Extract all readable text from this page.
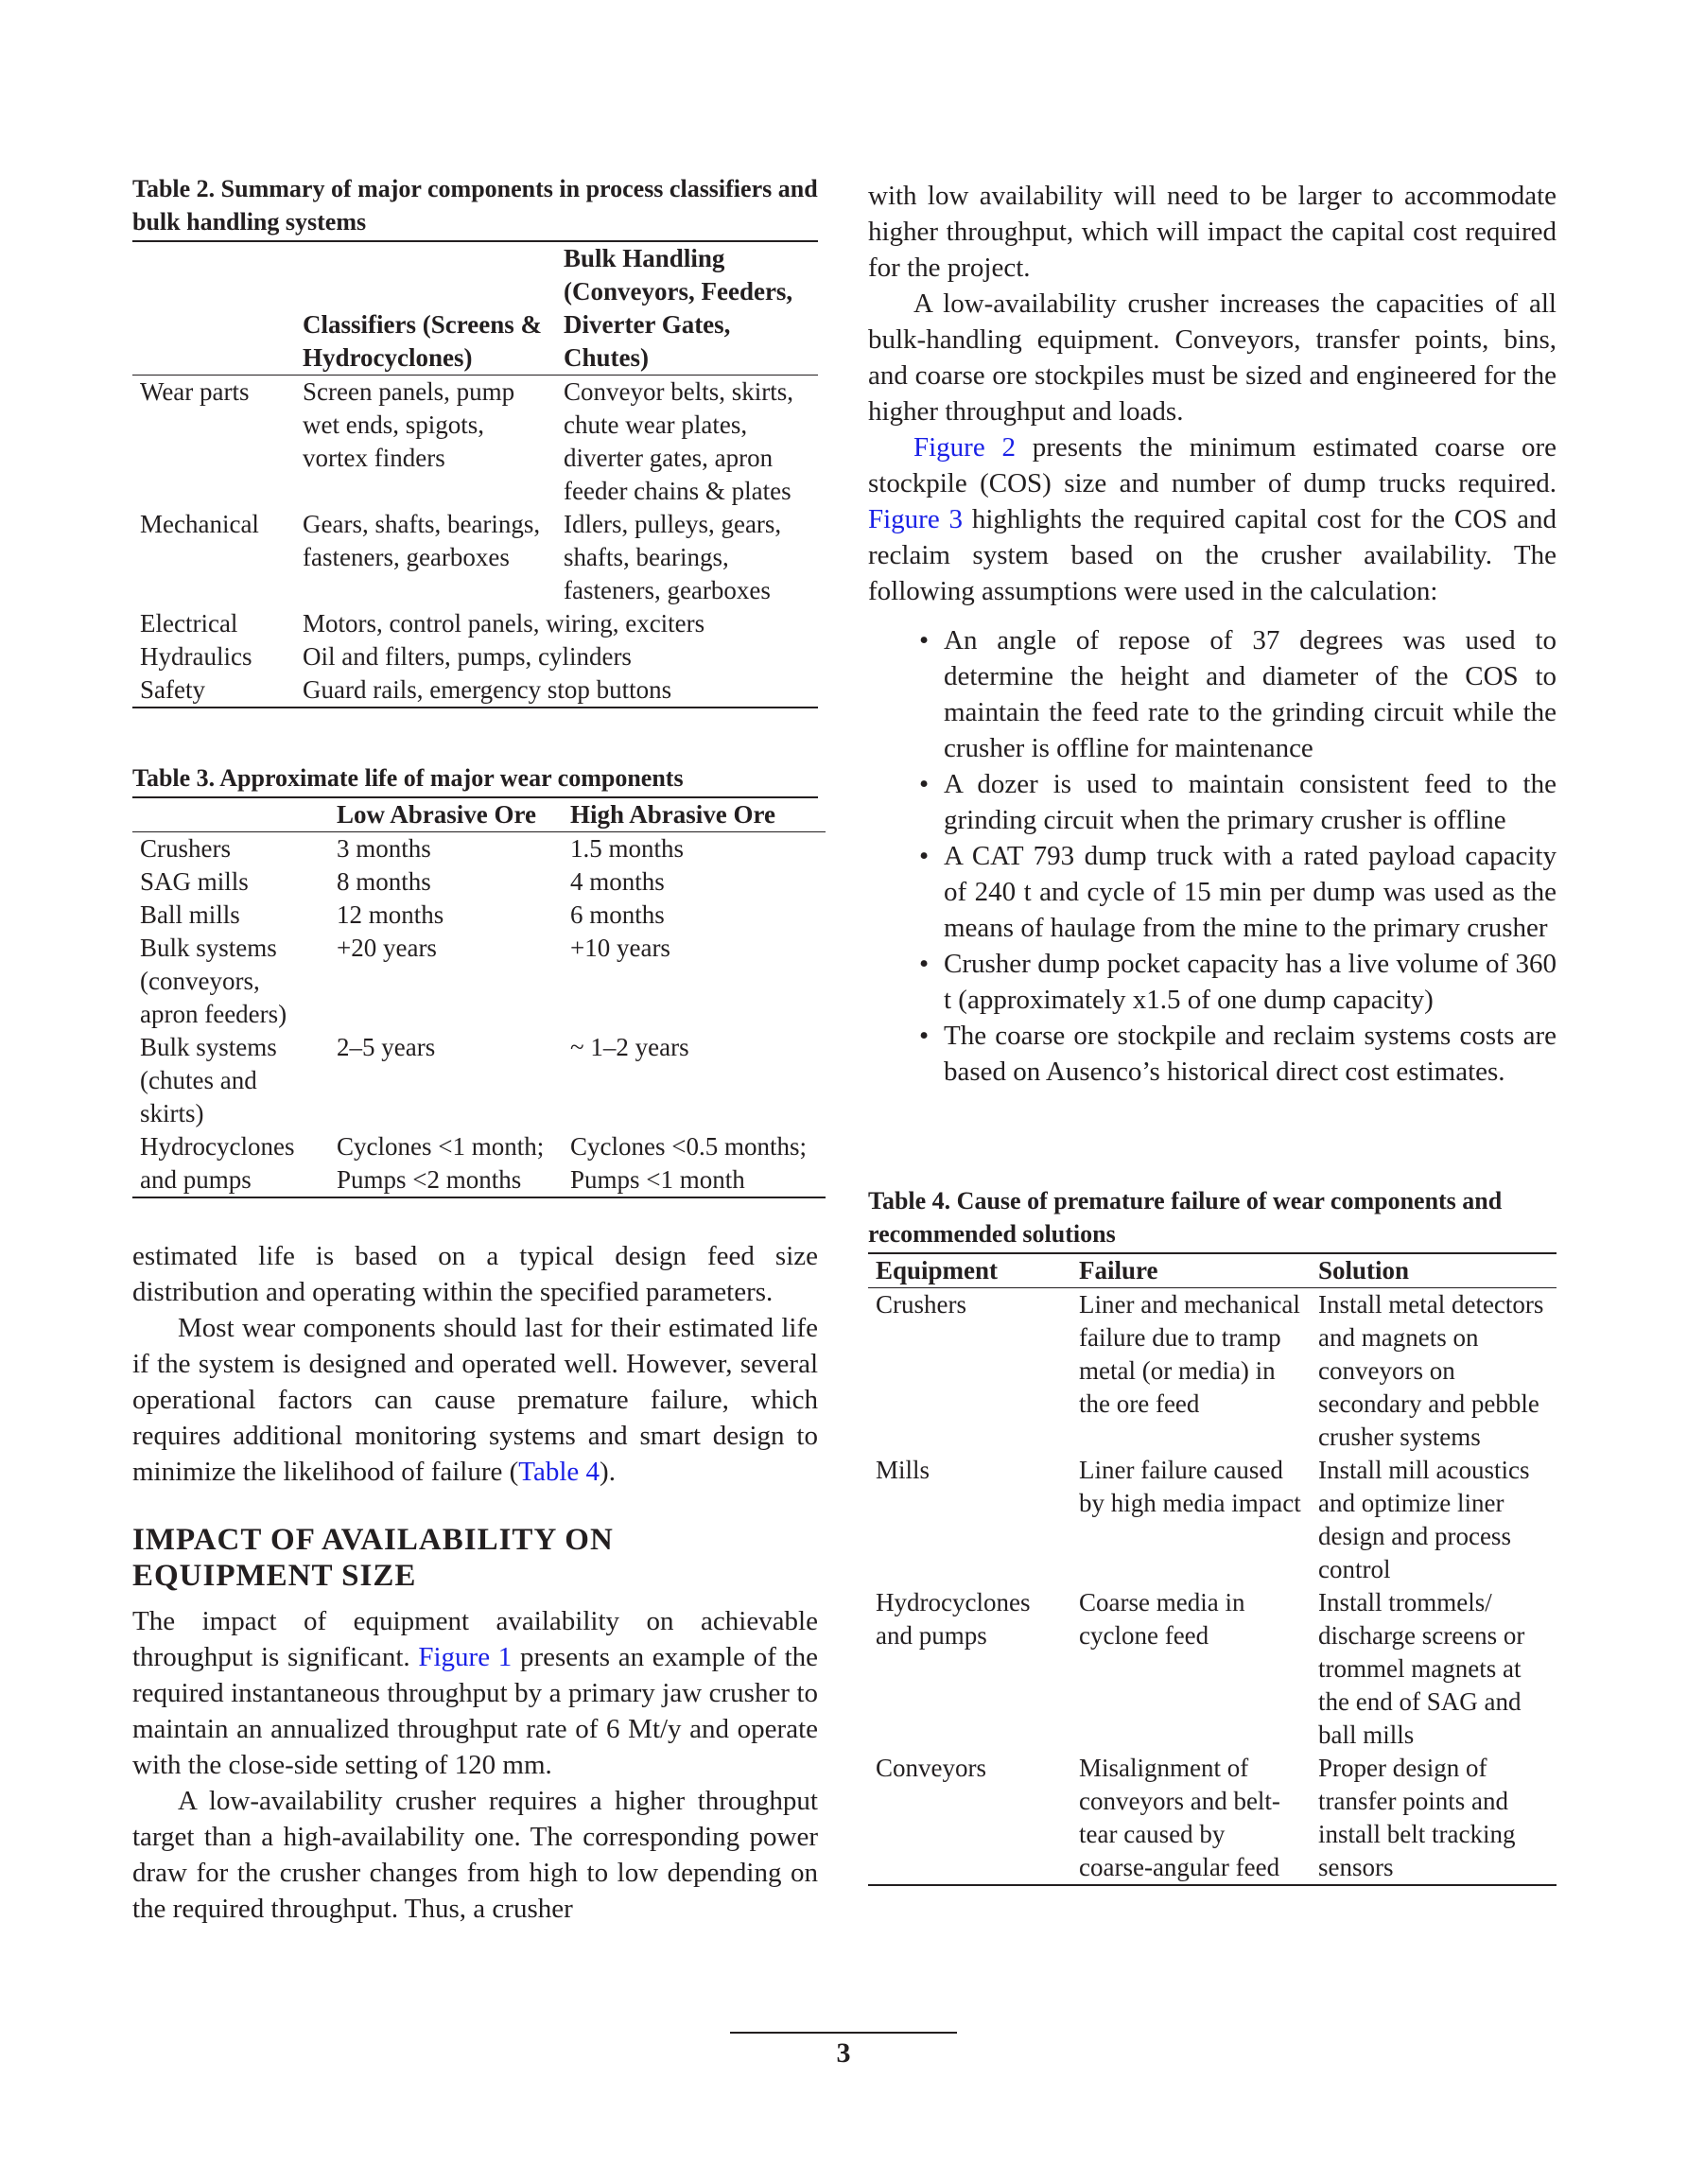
Table 2. Summary of major components in process classifiers and bulk handling systems
	Classifiers (Screens & Hydrocyclones)	Bulk Handling (Conveyors, Feeders, Diverter Gates, Chutes)
Wear parts	Screen panels, pump wet ends, spigots, vortex finders	Conveyor belts, skirts, chute wear plates, diverter gates, apron feeder chains & plates
Mechanical	Gears, shafts, bearings, fasteners, gearboxes	Idlers, pulleys, gears, shafts, bearings, fasteners, gearboxes
Electrical	Motors, control panels, wiring, exciters	
Hydraulics	Oil and filters, pumps, cylinders	
Safety	Guard rails, emergency stop buttons	
Table 3. Approximate life of major wear components
	Low Abrasive Ore	High Abrasive Ore
Crushers	3 months	1.5 months
SAG mills	8 months	4 months
Ball mills	12 months	6 months
Bulk systems (conveyors, apron feeders)	+20 years	+10 years
Bulk systems (chutes and skirts)	2–5 years	~ 1–2 years
Hydrocyclones and pumps	Cyclones <1 month; Pumps <2 months	Cyclones <0.5 months; Pumps <1 month

estimated life is based on a typical design feed size distribution and operating within the specified parameters.

Most wear components should last for their estimated life if the system is designed and operated well. However, several operational factors can cause premature failure, which requires additional monitoring systems and smart design to minimize the likelihood of failure (Table 4).

IMPACT OF AVAILABILITY ON EQUIPMENT SIZE

The impact of equipment availability on achievable throughput is significant. Figure 1 presents an example of the required instantaneous throughput by a primary jaw crusher to maintain an annualized throughput rate of 6 Mt/y and operate with the close-side setting of 120 mm.

A low-availability crusher requires a higher throughput target than a high-availability one. The corresponding power draw for the crusher changes from high to low depending on the required throughput. Thus, a crusher

with low availability will need to be larger to accommodate higher throughput, which will impact the capital cost required for the project.

A low-availability crusher increases the capacities of all bulk-handling equipment. Conveyors, transfer points, bins, and coarse ore stockpiles must be sized and engineered for the higher throughput and loads.

Figure 2 presents the minimum estimated coarse ore stockpile (COS) size and number of dump trucks required. Figure 3 highlights the required capital cost for the COS and reclaim system based on the crusher availability. The following assumptions were used in the calculation:

• An angle of repose of 37 degrees was used to determine the height and diameter of the COS to maintain the feed rate to the grinding circuit while the crusher is offline for maintenance
• A dozer is used to maintain consistent feed to the grinding circuit when the primary crusher is offline
• A CAT 793 dump truck with a rated payload capacity of 240 t and cycle of 15 min per dump was used as the means of haulage from the mine to the primary crusher
• Crusher dump pocket capacity has a live volume of 360 t (approximately x1.5 of one dump capacity)
• The coarse ore stockpile and reclaim systems costs are based on Ausenco’s historical direct cost estimates.
Table 4. Cause of premature failure of wear components and recommended solutions
Equipment	Failure	Solution
Crushers	Liner and mechanical failure due to tramp metal (or media) in the ore feed	Install metal detectors and magnets on conveyors on secondary and pebble crusher systems
Mills	Liner failure caused by high media impact	Install mill acoustics and optimize liner design and process control
Hydrocyclones and pumps	Coarse media in cyclone feed	Install trommels/ discharge screens or trommel magnets at the end of SAG and ball mills
Conveyors	Misalignment of conveyors and belt-tear caused by coarse-angular feed	Proper design of transfer points and install belt tracking sensors
3
